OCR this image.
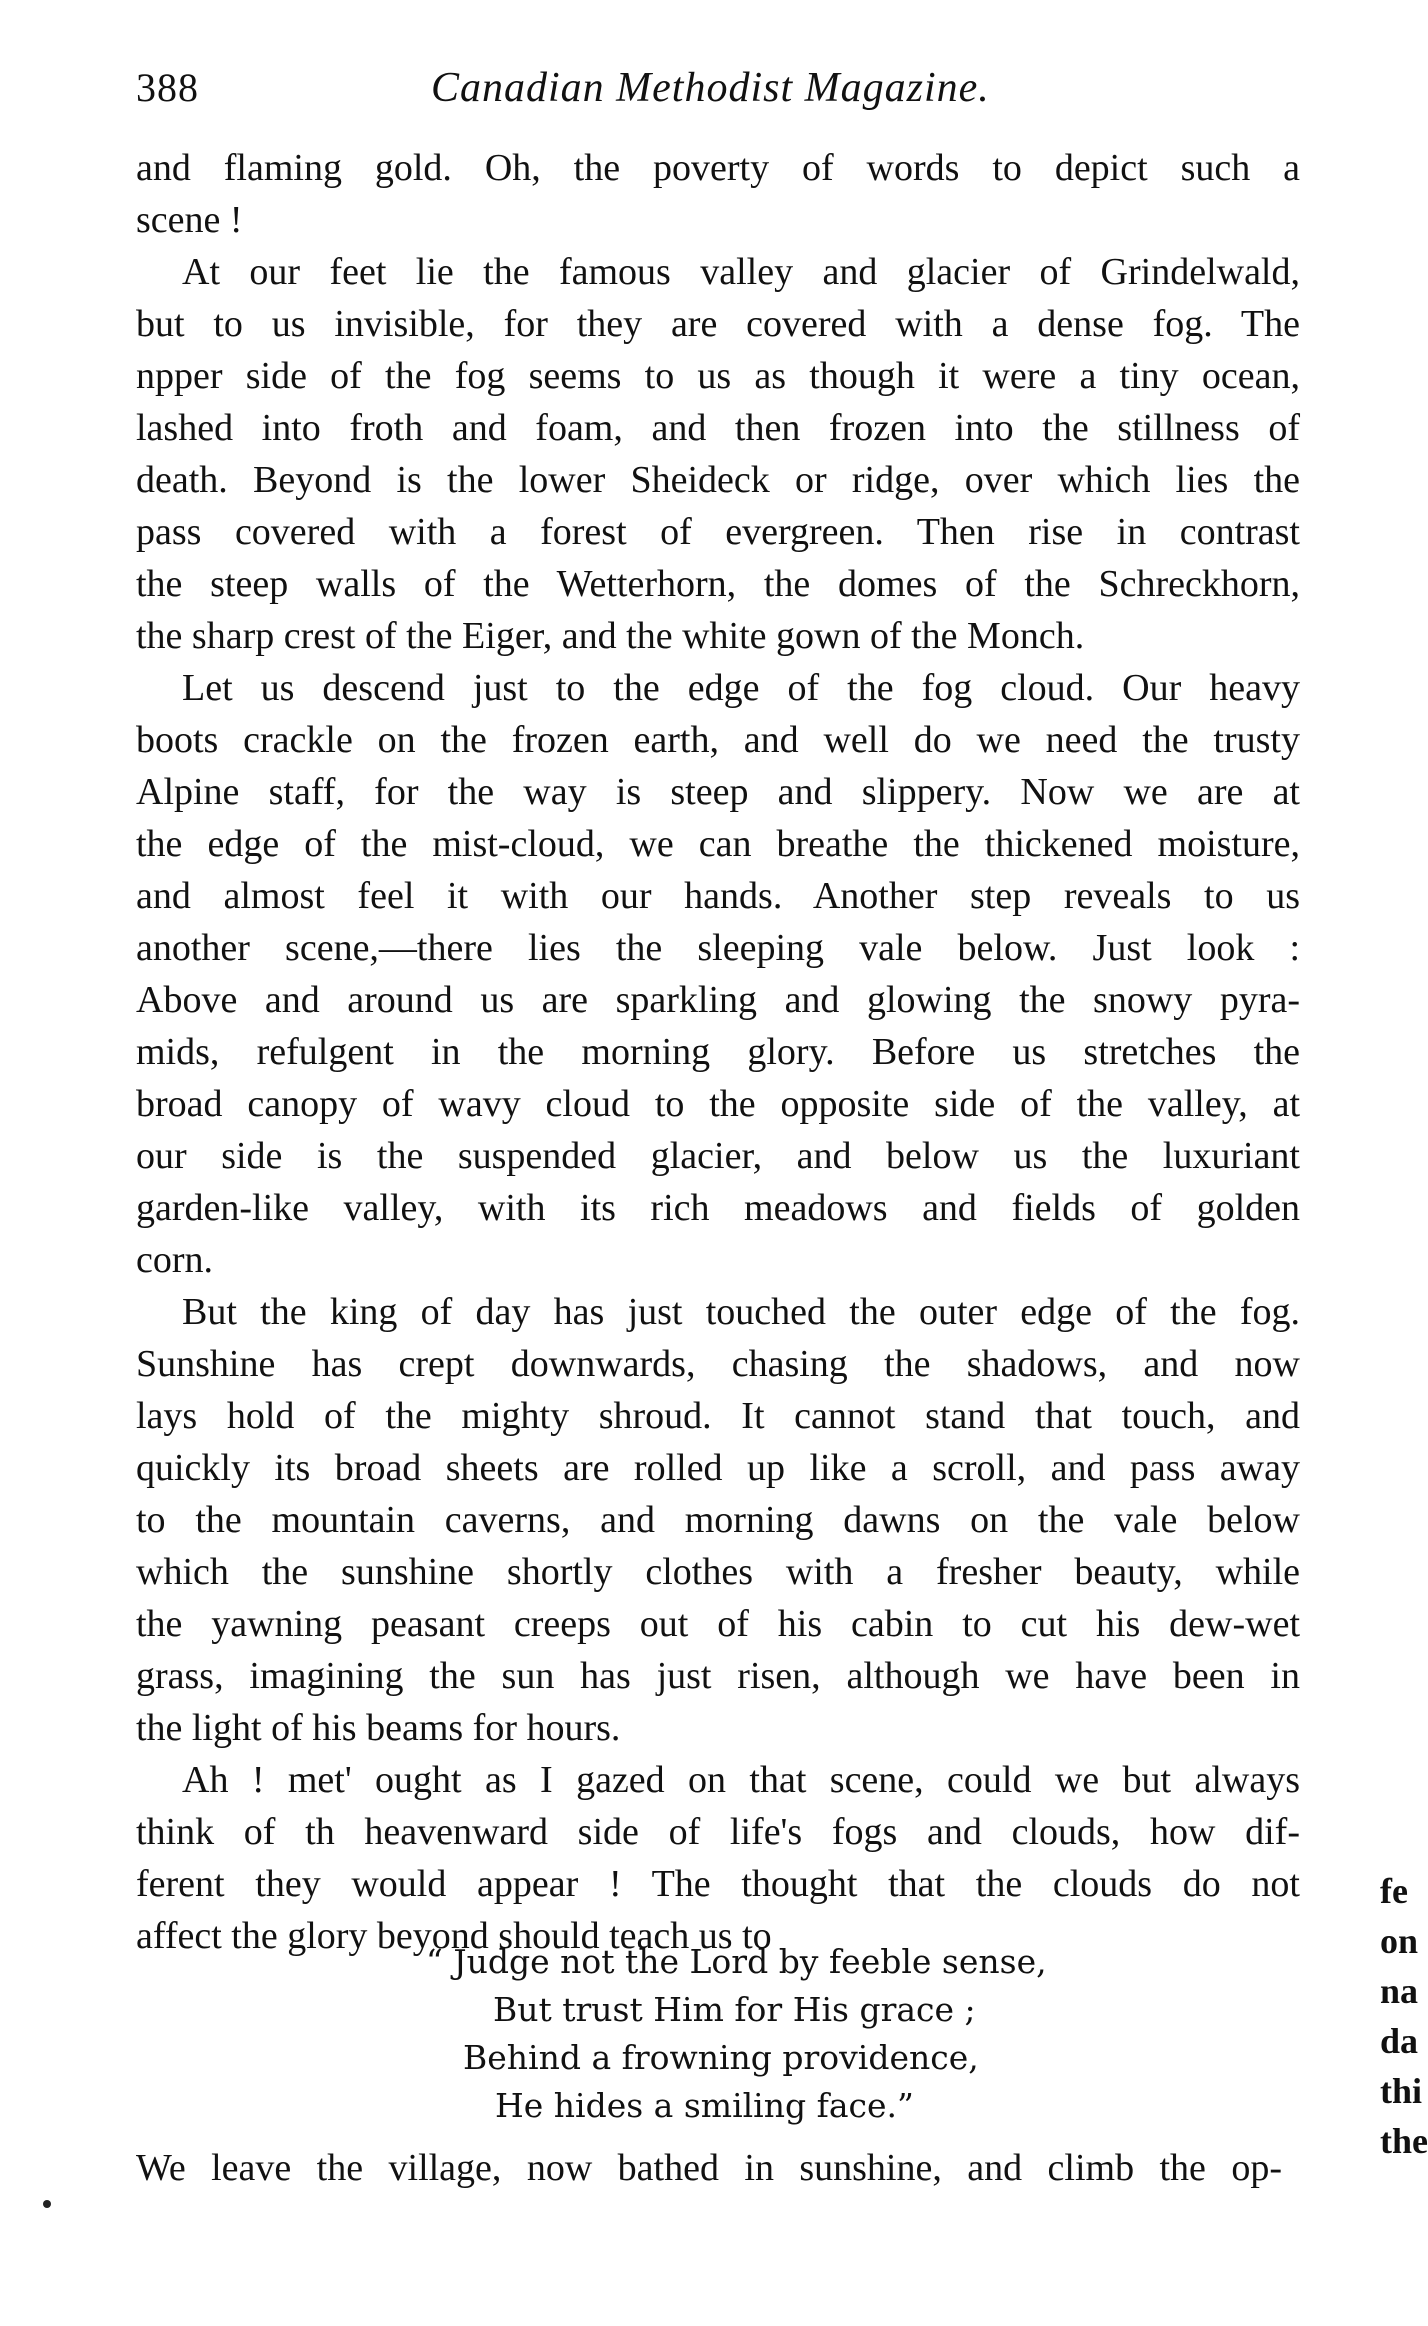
388	Canadian Methodist Magazine.
and flaming gold. Oh, the poverty of words to depict such a
scene !
At our feet lie the famous valley and glacier of Grindelwald,
but to us invisible, for they are covered with a dense fog. The
npper side of the fog seems to us as though it were a tiny ocean,
lashed into froth and foam, and then frozen into the stillness of
death. Beyond is the lower Sheideck or ridge, over which lies the
pass covered with a forest of evergreen. Then rise in contrast
the steep walls of the Wetterhorn, the domes of the Schreckhorn,
the sharp crest of the Eiger, and the white gown of the Monch.
Let us descend just to the edge of the fog cloud. Our heavy
boots crackle on the frozen earth, and well do we need the trusty
Alpine staff, for the way is steep and slippery. Now we are at
the edge of the mist-cloud, we can breathe the thickened moisture,
and almost feel it with our hands. Another step reveals to us
another scene,—there lies the sleeping vale below. Just look :
Above and around us are sparkling and glowing the snowy pyra-
mids, refulgent in the morning glory. Before us stretches the
broad canopy of wavy cloud to the opposite side of the valley, at
our side is the suspended glacier, and below us the luxuriant
garden-like valley, with its rich meadows and fields of golden
corn.
But the king of day has just touched the outer edge of the fog.
Sunshine has crept downwards, chasing the shadows, and now
lays hold of the mighty shroud. It cannot stand that touch, and
quickly its broad sheets are rolled up like a scroll, and pass away
to the mountain caverns, and morning dawns on the vale below
which the sunshine shortly clothes with a fresher beauty, while
the yawning peasant creeps out of his cabin to cut his dew-wet
grass, imagining the sun has just risen, although we have been in
the light of his beams for hours.
Ah ! met' ought as I gazed on that scene, could we but always
think of th heavenward side of life's fogs and clouds, how dif-
ferent they would appear ! The thought that the clouds do not
affect the glory beyond should teach us to
“ Judge not the Lord by feeble sense,
But trust Him for His grace ;
Behind a frowning providence,
He hides a smiling face.”
We leave the village, now bathed in sunshine, and climb the op-
fe
on
na
da
thi
the
